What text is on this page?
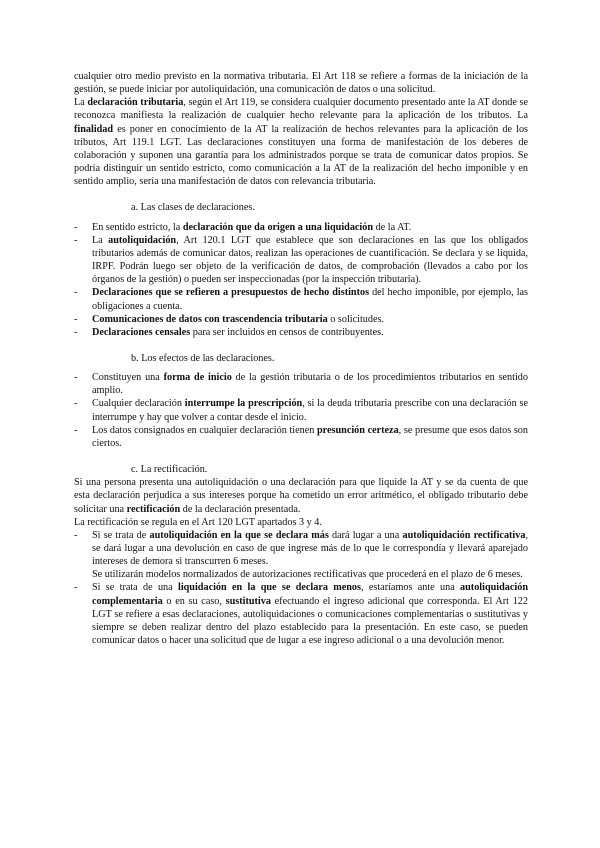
cualquier otro medio previsto en la normativa tributaria. El Art 118 se refiere a formas de la iniciación de la gestión, se puede iniciar por autoliquidación, una comunicación de datos o una solicitud.

La declaración tributaria, según el Art 119, se considera cualquier documento presentado ante la AT donde se reconozca manifiesta la realización de cualquier hecho relevante para la aplicación de los tributos. La finalidad es poner en conocimiento de la AT la realización de hechos relevantes para la aplicación de los tributos, Art 119.1 LGT. Las declaraciones constituyen una forma de manifestación de los deberes de colaboración y suponen una garantía para los administrados porque se trata de comunicar datos propios. Se podría distinguir un sentido estricto, como comunicación a la AT de la realización del hecho imponible y en sentido amplio, sería una manifestación de datos con relevancia tributaria.

a. Las clases de declaraciones.

- En sentido estricto, la declaración que da origen a una liquidación de la AT.
- La autoliquidación, Art 120.1 LGT que establece que son declaraciones en las que los obligados tributarios además de comunicar datos, realizan las operaciones de cuantificación. Se declara y se liquida, IRPF. Podrán luego ser objeto de la verificación de datos, de comprobación (llevados a cabo por los órganos de la gestión) o pueden ser inspeccionadas (por la inspección tributaria).
- Declaraciones que se refieren a presupuestos de hecho distintos del hecho imponible, por ejemplo, las obligaciones a cuenta.
- Comunicaciones de datos con trascendencia tributaria o solicitudes.
- Declaraciones censales para ser incluidos en censos de contribuyentes.

b. Los efectos de las declaraciones.

- Constituyen una forma de inicio de la gestión tributaria o de los procedimientos tributarios en sentido amplio.
- Cualquier declaración interrumpe la prescripción, si la deuda tributaria prescribe con una declaración se interrumpe y hay que volver a contar desde el inicio.
- Los datos consignados en cualquier declaración tienen presunción certeza, se presume que esos datos son ciertos.

c. La rectificación.

Si una persona presenta una autoliquidación o una declaración para que liquide la AT y se da cuenta de que esta declaración perjudica a sus intereses porque ha cometido un error aritmético, el obligado tributario debe solicitar una rectificación de la declaración presentada.

La rectificación se regula en el Art 120 LGT apartados 3 y 4.

- Si se trata de autoliquidación en la que se declara más dará lugar a una autoliquidación rectificativa, se dará lugar a una devolución en caso de que ingrese más de lo que le correspondía y llevará aparejado intereses de demora si transcurren 6 meses.
Se utilizarán modelos normalizados de autorizaciones rectificativas que procederá en el plazo de 6 meses.
- Si se trata de una liquidación en la que se declara menos, estaríamos ante una autoliquidación complementaria o en su caso, sustitutiva efectuando el ingreso adicional que corresponda. El Art 122 LGT se refiere a esas declaraciones, autoliquidaciones o comunicaciones complementarias o sustitutivas y siempre se deben realizar dentro del plazo establecido para la presentación. En este caso, se pueden comunicar datos o hacer una solicitud que de lugar a ese ingreso adicional o a una devolución menor.
